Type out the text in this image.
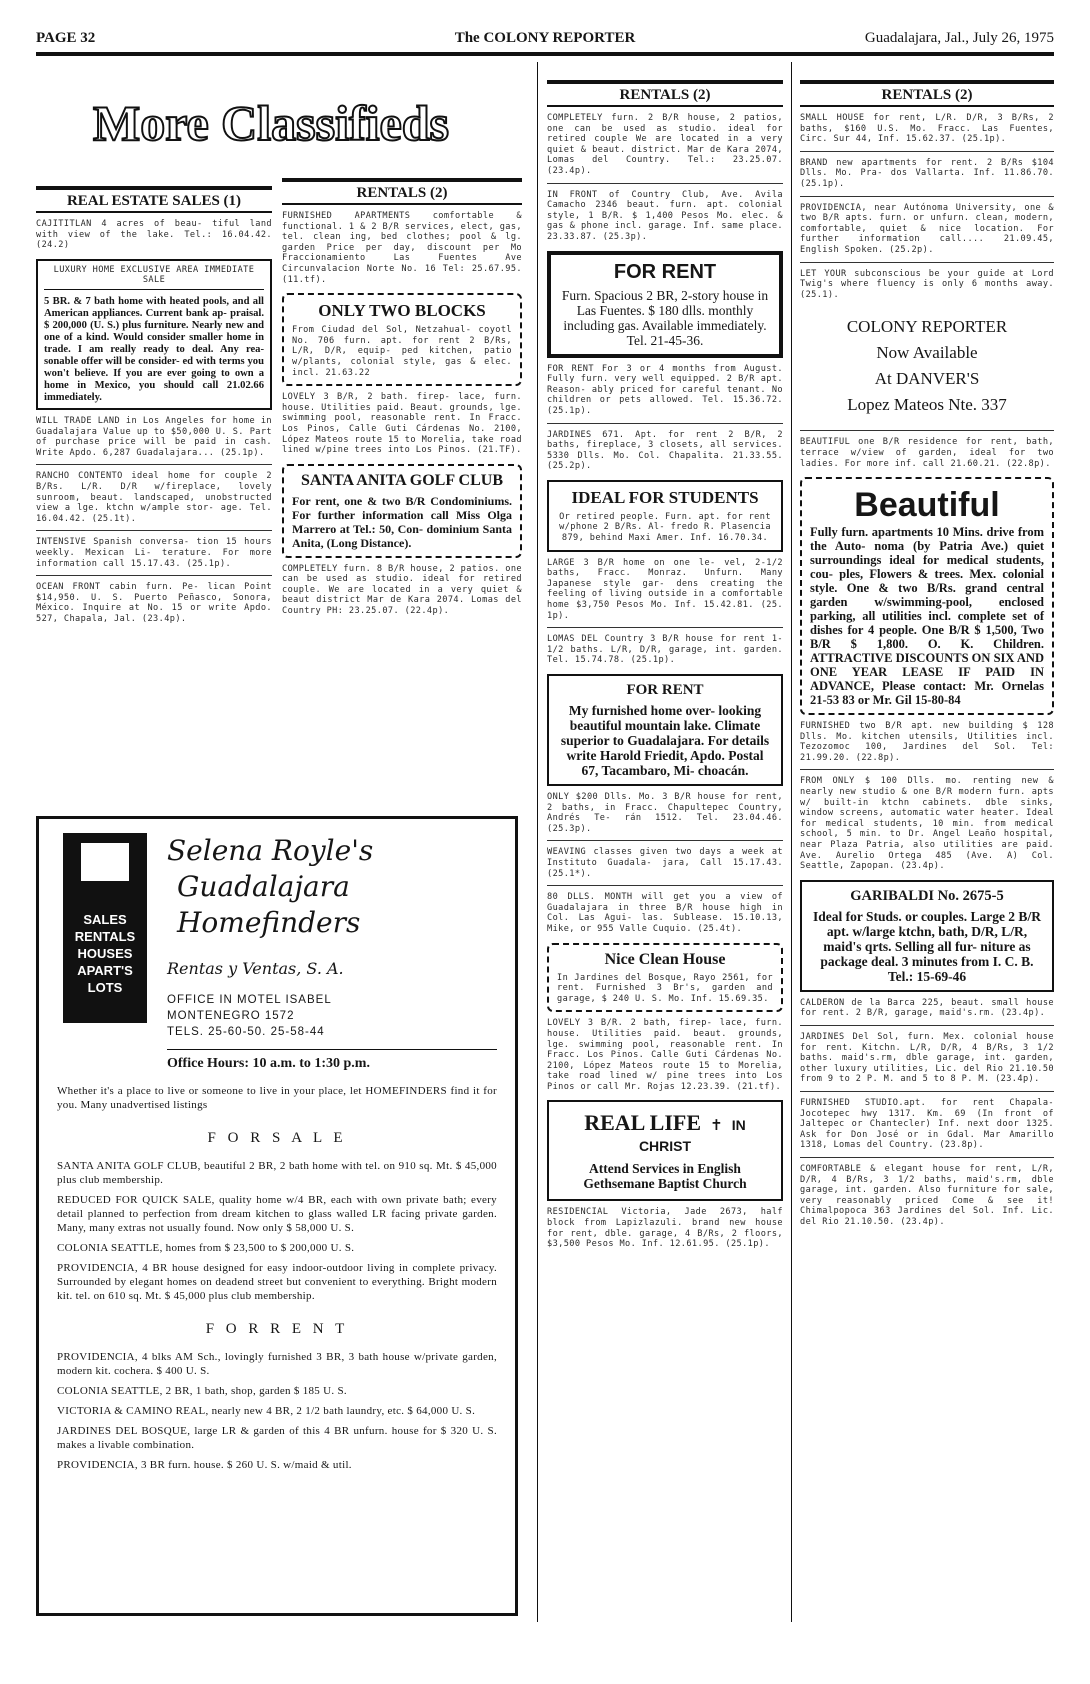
PAGE 32	The COLONY REPORTER	Guadalajara, Jal., July 26, 1975
More Classifieds
REAL ESTATE SALES (1)

CAJITITLAN 4 acres of beau- tiful land with view of the lake. Tel.: 16.04.42. (24.2)

LUXURY HOME EXCLUSIVE AREA IMMEDIATE SALE
5 BR. & 7 bath home with heated pools, and all American appliances. Current bank ap- praisal. $ 200,000 (U. S.) plus furniture. Nearly new and one of a kind. Would consider smaller home in trade. I am really ready to deal. Any rea- sonable offer will be consider- ed with terms you won't believe. If you are ever going to own a home in Mexico, you should call 21.02.66 immediately.

WILL TRADE LAND in Los Angeles for home in Guadalajara Value up to $50,000 U. S. Part of purchase price will be paid in cash. Write Apdo. 6,287 Guadalajara... (25.1p).

RANCHO CONTENTO ideal home for couple 2 B/Rs. L/R. D/R w/fireplace, lovely sunroom, beaut. landscaped, unobstructed view a lge. ktchn w/ample stor- age. Tel. 16.04.42. (25.1t).

INTENSIVE Spanish conversa- tion 15 hours weekly. Mexican Li- terature. For more information call 15.17.43. (25.1p).

OCEAN FRONT cabin furn. Pe- lican Point $14,950. U. S. Puerto Peñasco, Sonora, México. Inquire at No. 15 or write Apdo. 527, Chapala, Jal. (23.4p).

RENTALS (2)

FURNISHED APARTMENTS comfortable & functional. 1 & 2 B/R services, elect, gas, tel. clean ing, bed clothes; pool & lg. garden Price per day, discount per Mo Fraccionamiento Las Fuentes Ave Circunvalacion Norte No. 16 Tel: 25.67.95. (11.tf).

ONLY TWO BLOCKS
From Ciudad del Sol, Netzahual- coyotl No. 706 furn. apt. for rent 2 B/Rs, L/R, D/R, equip- ped kitchen, patio w/plants, colonial style, gas & elec. incl. 21.63.22

LOVELY 3 B/R, 2 bath. firep- lace, furn. house. Utilities paid. Beaut. grounds, lge. swimming pool, reasonable rent. In Fracc. Los Pinos, Calle Guti Cárdenas No. 2100, López Mateos route 15 to Morelia, take road lined w/pine trees into Los Pinos. (21.TF).

SANTA ANITA GOLF CLUB
For rent, one & two B/R Condominiums. For further information call Miss Olga Marrero at Tel.: 50, Con- dominium Santa Anita, (Long Distance).

COMPLETELY furn. 8 B/R house, 2 patios. one can be used as studio. ideal for retired couple. We are located in a very quiet & beaut district Mar de Kara 2074. Lomas del Country PH: 23.25.07. (22.4p).

SALES
RENTALS
HOUSES
APART'S
LOTS
Selena Royle's
Guadalajara Homefinders
Rentas y Ventas, S. A.
OFFICE IN MOTEL ISABEL
MONTENEGRO 1572
TELS. 25-60-50. 25-58-44
Office Hours: 10 a.m. to 1:30 p.m.
Whether it's a place to live or someone to live in your place, let HOMEFINDERS find it for you. Many unadvertised listings
F O R S A L E
SANTA ANITA GOLF CLUB, beautiful 2 BR, 2 bath home with tel. on 910 sq. Mt. $ 45,000 plus club membership.
REDUCED FOR QUICK SALE, quality home w/4 BR, each with own private bath; every detail planned to perfection from dream kitchen to glass walled LR facing private garden. Many, many extras not usually found. Now only $ 58,000 U. S.
COLONIA SEATTLE, homes from $ 23,500 to $ 200,000 U. S.
PROVIDENCIA, 4 BR house designed for easy indoor-outdoor living in complete privacy. Surrounded by elegant homes on deadend street but convenient to everything. Bright modern kit. tel. on 610 sq. Mt. $ 45,000 plus club membership.
F O R R E N T
PROVIDENCIA, 4 blks AM Sch., lovingly furnished 3 BR, 3 bath house w/private garden, modern kit. cochera. $ 400 U. S.
COLONIA SEATTLE, 2 BR, 1 bath, shop, garden $ 185 U. S.
VICTORIA & CAMINO REAL, nearly new 4 BR, 2 1/2 bath laundry, etc. $ 64,000 U. S.
JARDINES DEL BOSQUE, large LR & garden of this 4 BR unfurn. house for $ 320 U. S. makes a livable combination.
PROVIDENCIA, 3 BR furn. house. $ 260 U. S. w/maid & util.
RENTALS (2)

COMPLETELY furn. 2 B/R house, 2 patios, one can be used as studio. ideal for retired couple We are located in a very quiet & beaut. district. Mar de Kara 2074, Lomas del Country. Tel.: 23.25.07. (23.4p).

IN FRONT of Country Club, Ave. Avila Camacho 2346 beaut. furn. apt. colonial style, 1 B/R. $ 1,400 Pesos Mo. elec. & gas & phone incl. garage. Inf. same place. 23.33.87. (25.3p).

FOR RENT
Furn. Spacious 2 BR, 2-story house in Las Fuentes. $ 180 dlls. monthly including gas. Available immediately. Tel. 21-45-36.

FOR RENT For 3 or 4 months from August. Fully furn. very well equipped. 2 B/R apt. Reason- ably priced for careful tenant. No children or pets allowed. Tel. 15.36.72. (25.1p).

JARDINES 671. Apt. for rent 2 B/R, 2 baths, fireplace, 3 closets, all services. 5330 Dlls. Mo. Col. Chapalita. 21.33.55. (25.2p).

IDEAL FOR STUDENTS
Or retired people. Furn. apt. for rent w/phone 2 B/Rs. Al- fredo R. Plasencia 879, behind Maxi Amer. Inf. 16.70.34.

LARGE 3 B/R home on one le- vel, 2-1/2 baths, Fracc. Monraz. Unfurn. Many Japanese style gar- dens creating the feeling of living outside in a comfortable home $3,750 Pesos Mo. Inf. 15.42.81. (25. 1p).

LOMAS DEL Country 3 B/R house for rent 1-1/2 baths. L/R, D/R, garage, int. garden. Tel. 15.74.78. (25.1p).

FOR RENT
My furnished home over- looking beautiful mountain lake. Climate superior to Guadalajara. For details write Harold Friedit, Apdo. Postal 67, Tacambaro, Mi- choacán.

ONLY $200 Dlls. Mo. 3 B/R house for rent, 2 baths, in Fracc. Chapultepec Country, Andrés Te- rán 1512. Tel. 23.04.46. (25.3p).

WEAVING classes given two days a week at Instituto Guadala- jara, Call 15.17.43. (25.1*).

80 DLLS. MONTH will get you a view of Guadalajara in three B/R house high in Col. Las Agui- las. Sublease. 15.10.13, Mike, or 955 Valle Cuquio. (25.4t).

Nice Clean House
In Jardines del Bosque, Rayo 2561, for rent. Furnished 3 Br's, garden and garage, $ 240 U. S. Mo. Inf. 15.69.35.

LOVELY 3 B/R. 2 bath, firep- lace, furn. house. Utilities paid. beaut. grounds, lge. swimming pool, reasonable rent. In Fracc. Los Pinos. Calle Guti Cárdenas No. 2100, López Mateos route 15 to Morelia, take road lined w/ pine trees into Los Pinos or call Mr. Rojas 12.23.39. (21.tf).

REAL LIFE ✝ IN CHRIST
Attend Services in English Gethsemane Baptist Church

RESIDENCIAL Victoria, Jade 2673, half block from Lapizlazuli. brand new house for rent, dble. garage, 4 B/Rs, 2 floors, $3,500 Pesos Mo. Inf. 12.61.95. (25.1p).

RENTALS (2)

SMALL HOUSE for rent, L/R. D/R, 3 B/Rs, 2 baths, $160 U.S. Mo. Fracc. Las Fuentes, Circ. Sur 44, Inf. 15.62.37. (25.1p).

BRAND new apartments for rent. 2 B/Rs $104 Dlls. Mo. Pra- dos Vallarta. Inf. 11.86.70. (25.1p).

PROVIDENCIA, near Autónoma University, one & two B/R apts. furn. or unfurn. clean, modern, comfortable, quiet & nice location. For further information call.... 21.09.45, English Spoken. (25.2p).

LET YOUR subconscious be your guide at Lord Twig's where fluency is only 6 months away. (25.1).

COLONY REPORTER
Now Available
At DANVER'S
Lopez Mateos Nte. 337

BEAUTIFUL one B/R residence for rent, bath, terrace w/view of garden, ideal for two ladies. For more inf. call 21.60.21. (22.8p).

Beautiful
Fully furn. apartments 10 Mins. drive from the Auto- noma (by Patria Ave.) quiet surroundings ideal for medical students, cou- ples, Flowers & trees. Mex. colonial style. One & two B/Rs. grand central garden w/swimming-pool, enclosed parking, all utilities incl. complete set of dishes for 4 people. One B/R $ 1,500, Two B/R $ 1,800. O. K. Children. ATTRACTIVE DISCOUNTS ON SIX AND ONE YEAR LEASE IF PAID IN ADVANCE, Please contact: Mr. Ornelas 21-53 83 or Mr. Gil 15-80-84

FURNISHED two B/R apt. new building $ 128 Dlls. Mo. kitchen utensils, Utilities incl. Tezozomoc 100, Jardines del Sol. Tel: 21.99.20. (22.8p).

FROM ONLY $ 100 Dlls. mo. renting new & nearly new studio & one B/R modern furn. apts w/ built-in ktchn cabinets. dble sinks, window screens, automatic water heater. Ideal for medical students, 10 min. from medical school, 5 min. to Dr. Angel Leaño hospital, near Plaza Patria, also utilities are paid. Ave. Aurelio Ortega 485 (Ave. A) Col. Seattle, Zapopan. (23.4p).

GARIBALDI No. 2675-5
Ideal for Studs. or couples. Large 2 B/R apt. w/large ktchn, bath, D/R, L/R, maid's qrts. Selling all fur- niture as package deal. 3 minutes from I. C. B. Tel.: 15-69-46

CALDERON de la Barca 225, beaut. small house for rent. 2 B/R, garage, maid's.rm. (23.4p).

JARDINES Del Sol, furn. Mex. colonial house for rent. Kitchn. L/R, D/R, 4 B/Rs, 3 1/2 baths. maid's.rm, dble garage, int. garden, other luxury utilities, Lic. del Rio 21.10.50 from 9 to 2 P. M. and 5 to 8 P. M. (23.4p).

FURNISHED STUDIO.apt. for rent Chapala-Jocotepec hwy 1317. Km. 69 (In front of Jaltepec or Chantecler) Inf. next door 1325. Ask for Don José or in Gdal. Mar Amarillo 1318, Lomas del Country. (23.8p).

COMFORTABLE & elegant house for rent, L/R, D/R, 4 B/Rs, 3 1/2 baths, maid's.rm, dble garage, int. garden. Also furniture for sale, very reasonably priced Come & see it! Chimalpopoca 363 Jardines del Sol. Inf. Lic. del Rio 21.10.50. (23.4p).
